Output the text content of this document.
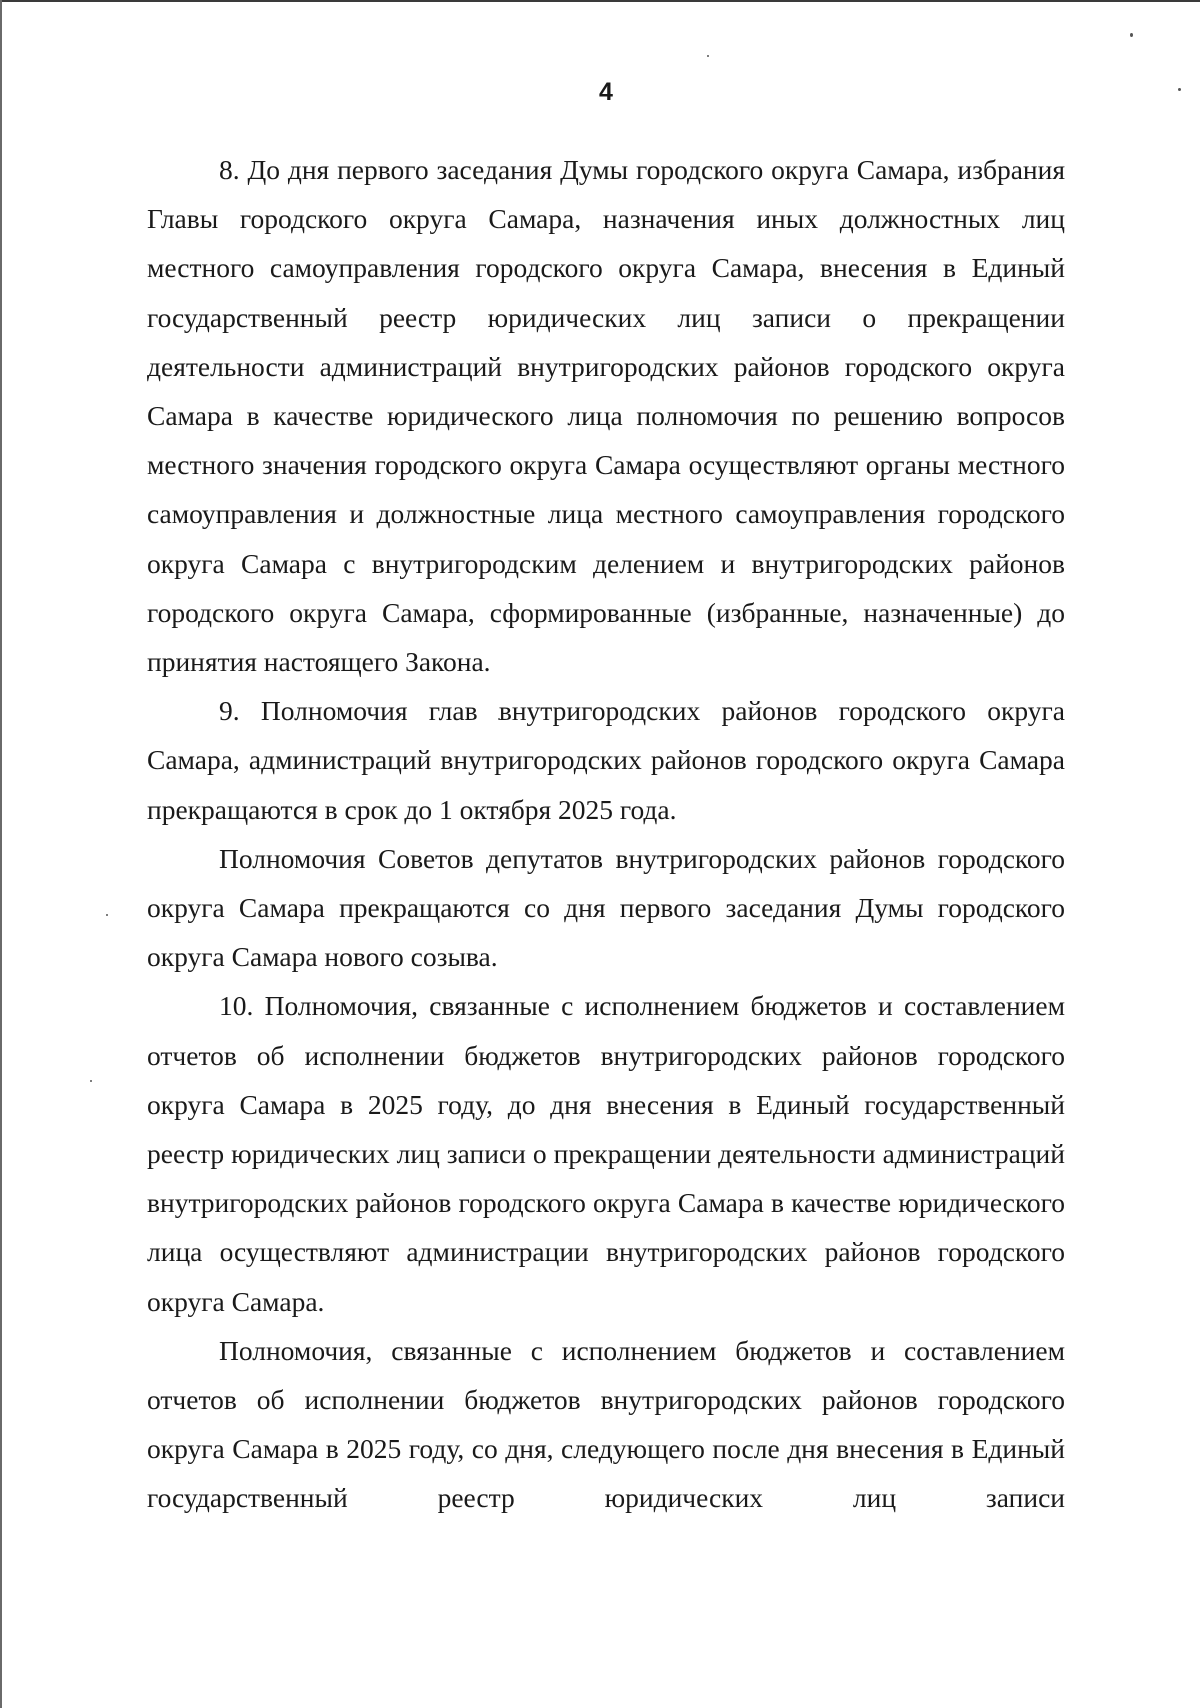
4

8. До дня первого заседания Думы городского округа Самара, избрания Главы городского округа Самара, назначения иных должностных лиц местного самоуправления городского округа Самара, внесения в Единый государственный реестр юридических лиц записи о прекращении деятельности администраций внутригородских районов городского округа Самара в качестве юридического лица полномочия по решению вопросов местного значения городского округа Самара осуществляют органы местного самоуправления и должностные лица местного самоуправления городского округа Самара с внутригородским делением и внутригородских районов городского округа Самара, сформированные (избранные, назначенные) до принятия настоящего Закона.

9. Полномочия глав внутригородских районов городского округа Самара, администраций внутригородских районов городского округа Самара прекращаются в срок до 1 октября 2025 года.

Полномочия Советов депутатов внутригородских районов городского округа Самара прекращаются со дня первого заседания Думы городского округа Самара нового созыва.

10. Полномочия, связанные с исполнением бюджетов и составлением отчетов об исполнении бюджетов внутригородских районов городского округа Самара в 2025 году, до дня внесения в Единый государственный реестр юридических лиц записи о прекращении деятельности администраций внутригородских районов городского округа Самара в качестве юридического лица осуществляют администрации внутригородских районов городского округа Самара.

Полномочия, связанные с исполнением бюджетов и составлением отчетов об исполнении бюджетов внутригородских районов городского округа Самара в 2025 году, со дня, следующего после дня внесения в Единый государственный реестр юридических лиц записи
